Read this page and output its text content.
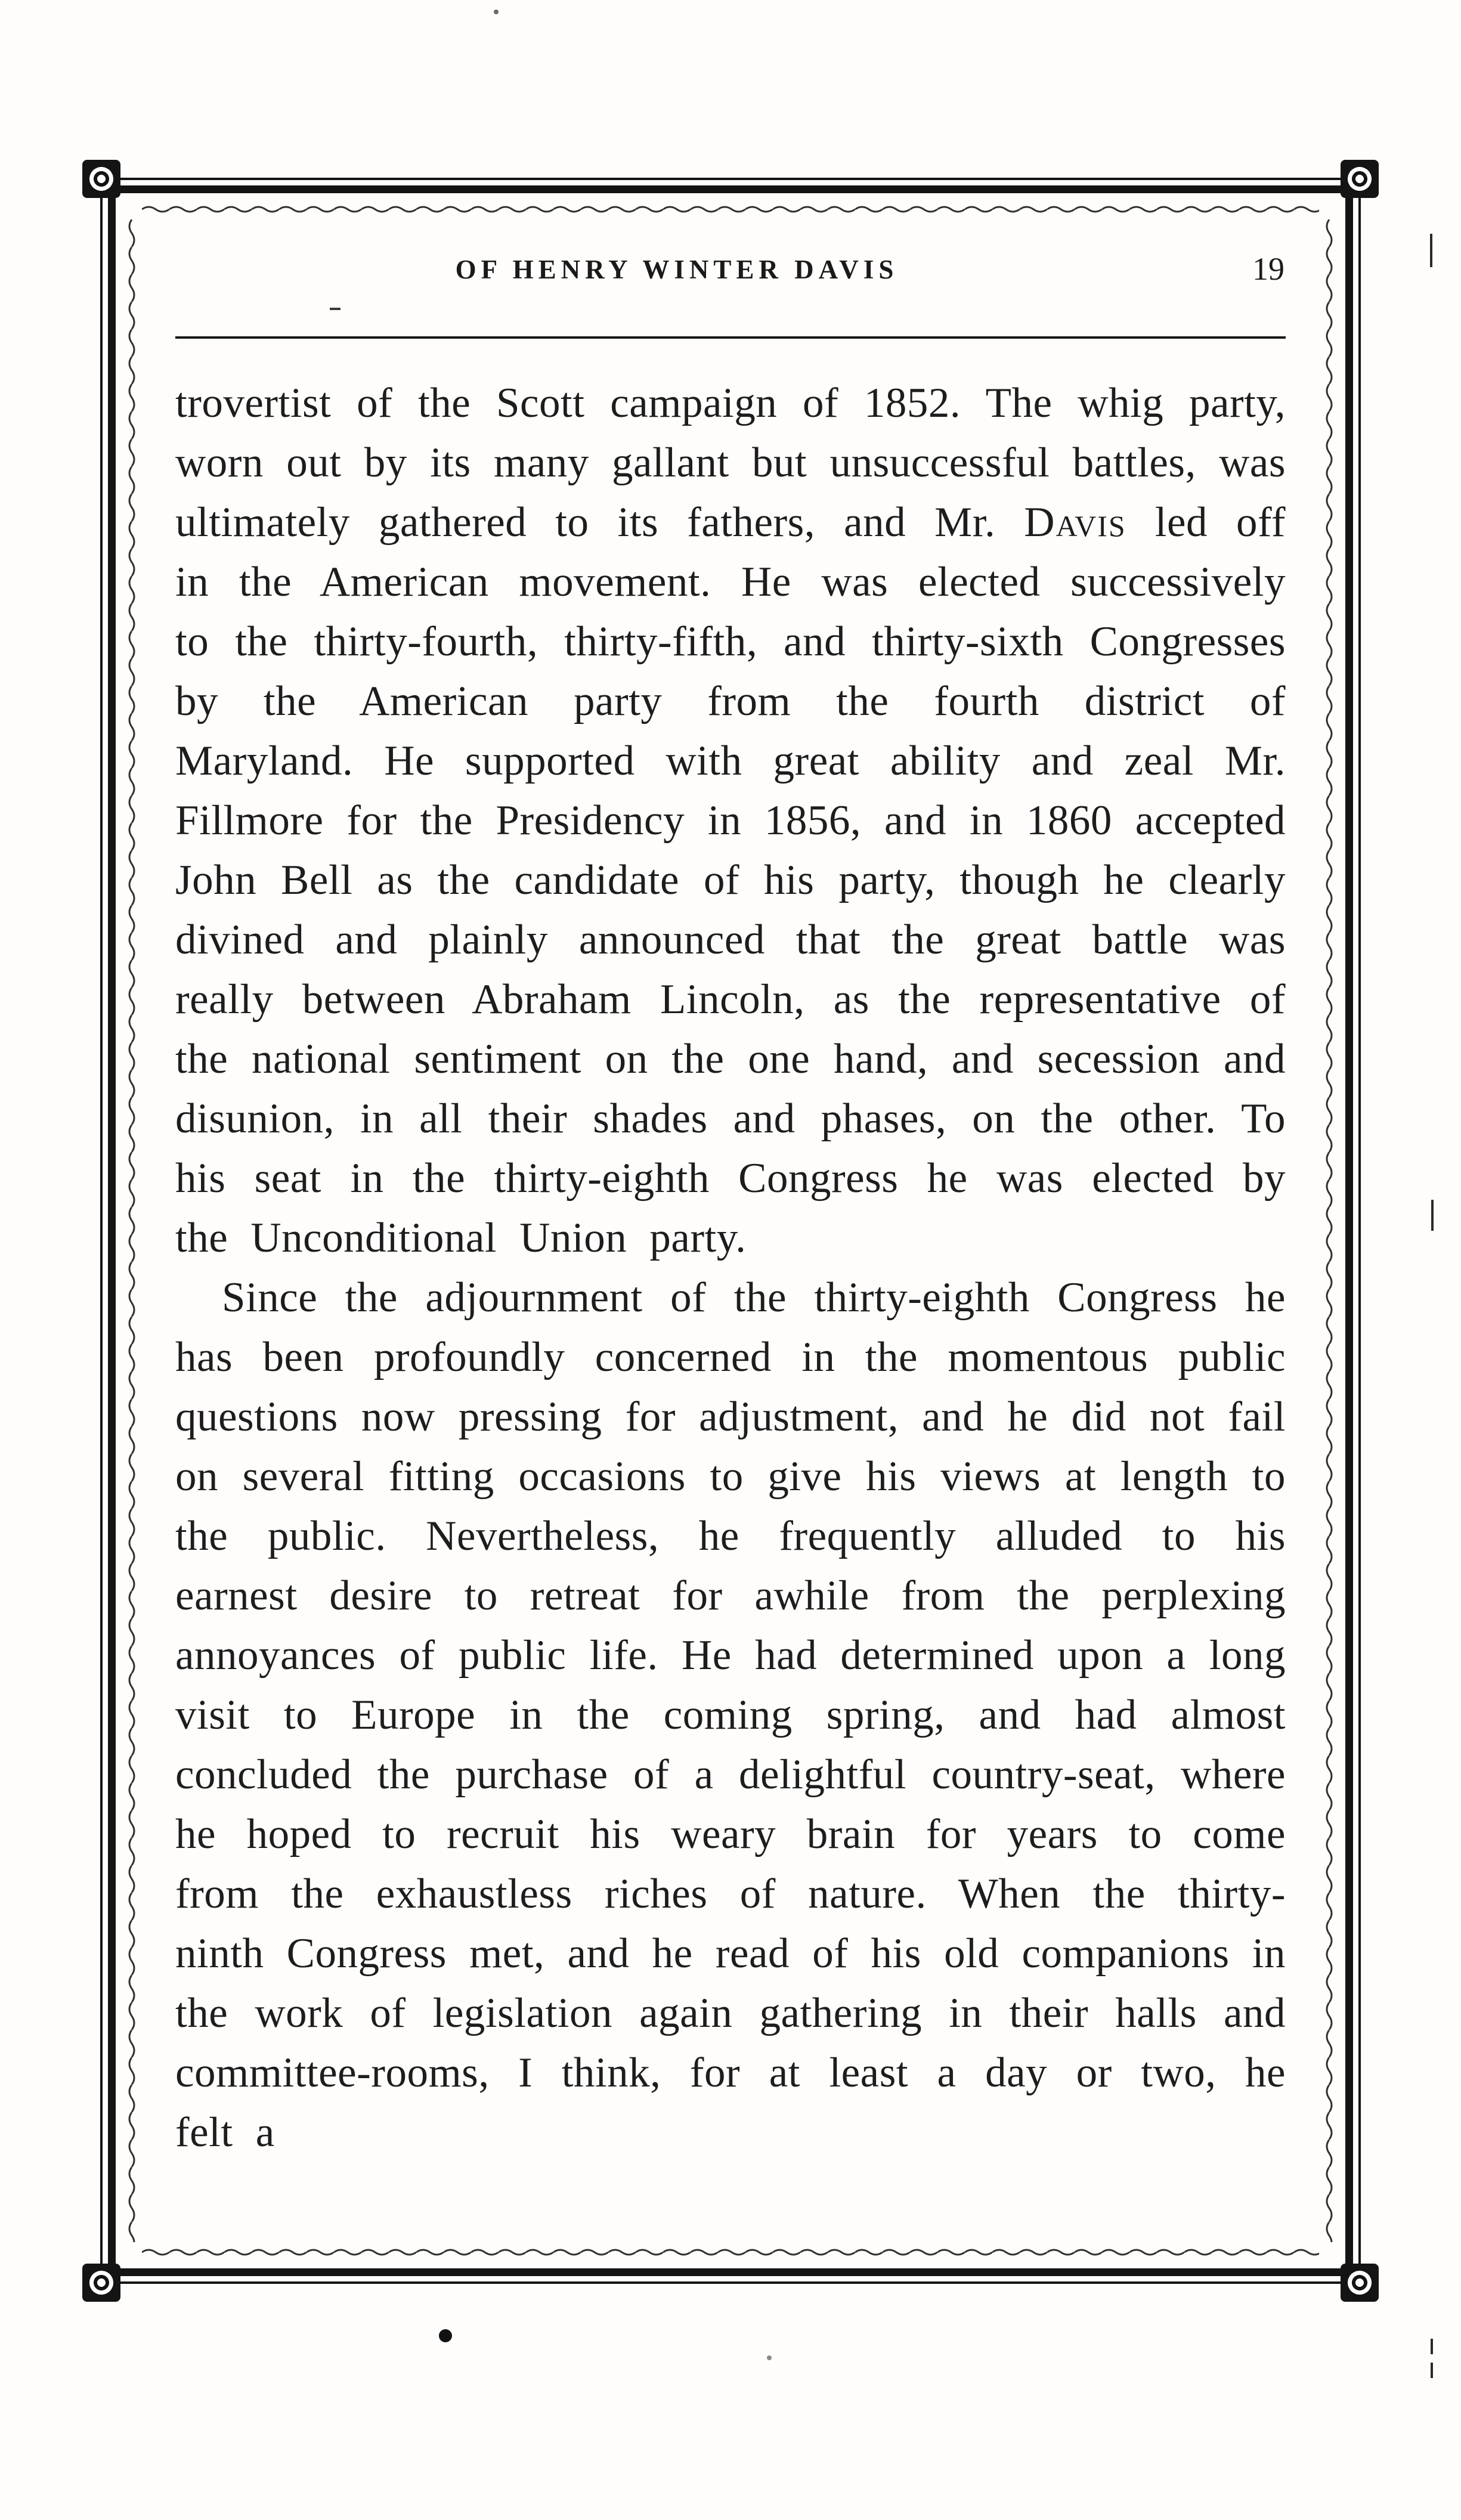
OF HENRY WINTER DAVIS	19

trovertist of the Scott campaign of 1852. The whig party, worn out by its many gallant but unsuccessful battles, was ultimately gathered to its fathers, and Mr. Davis led off in the American movement. He was elected successively to the thirty-fourth, thirty-fifth, and thirty-sixth Congresses by the American party from the fourth district of Maryland. He supported with great ability and zeal Mr. Fillmore for the Presidency in 1856, and in 1860 accepted John Bell as the candidate of his party, though he clearly divined and plainly announced that the great battle was really between Abraham Lincoln, as the representative of the national sentiment on the one hand, and secession and disunion, in all their shades and phases, on the other. To his seat in the thirty-eighth Congress he was elected by the Unconditional Union party.

Since the adjournment of the thirty-eighth Congress he has been profoundly concerned in the momentous public questions now pressing for adjustment, and he did not fail on several fitting occasions to give his views at length to the public. Nevertheless, he frequently alluded to his earnest desire to retreat for awhile from the perplexing annoyances of public life. He had determined upon a long visit to Europe in the coming spring, and had almost concluded the purchase of a delightful country-seat, where he hoped to recruit his weary brain for years to come from the exhaustless riches of nature. When the thirty-ninth Congress met, and he read of his old companions in the work of legislation again gathering in their halls and committee-rooms, I think, for at least a day or two, he felt a
